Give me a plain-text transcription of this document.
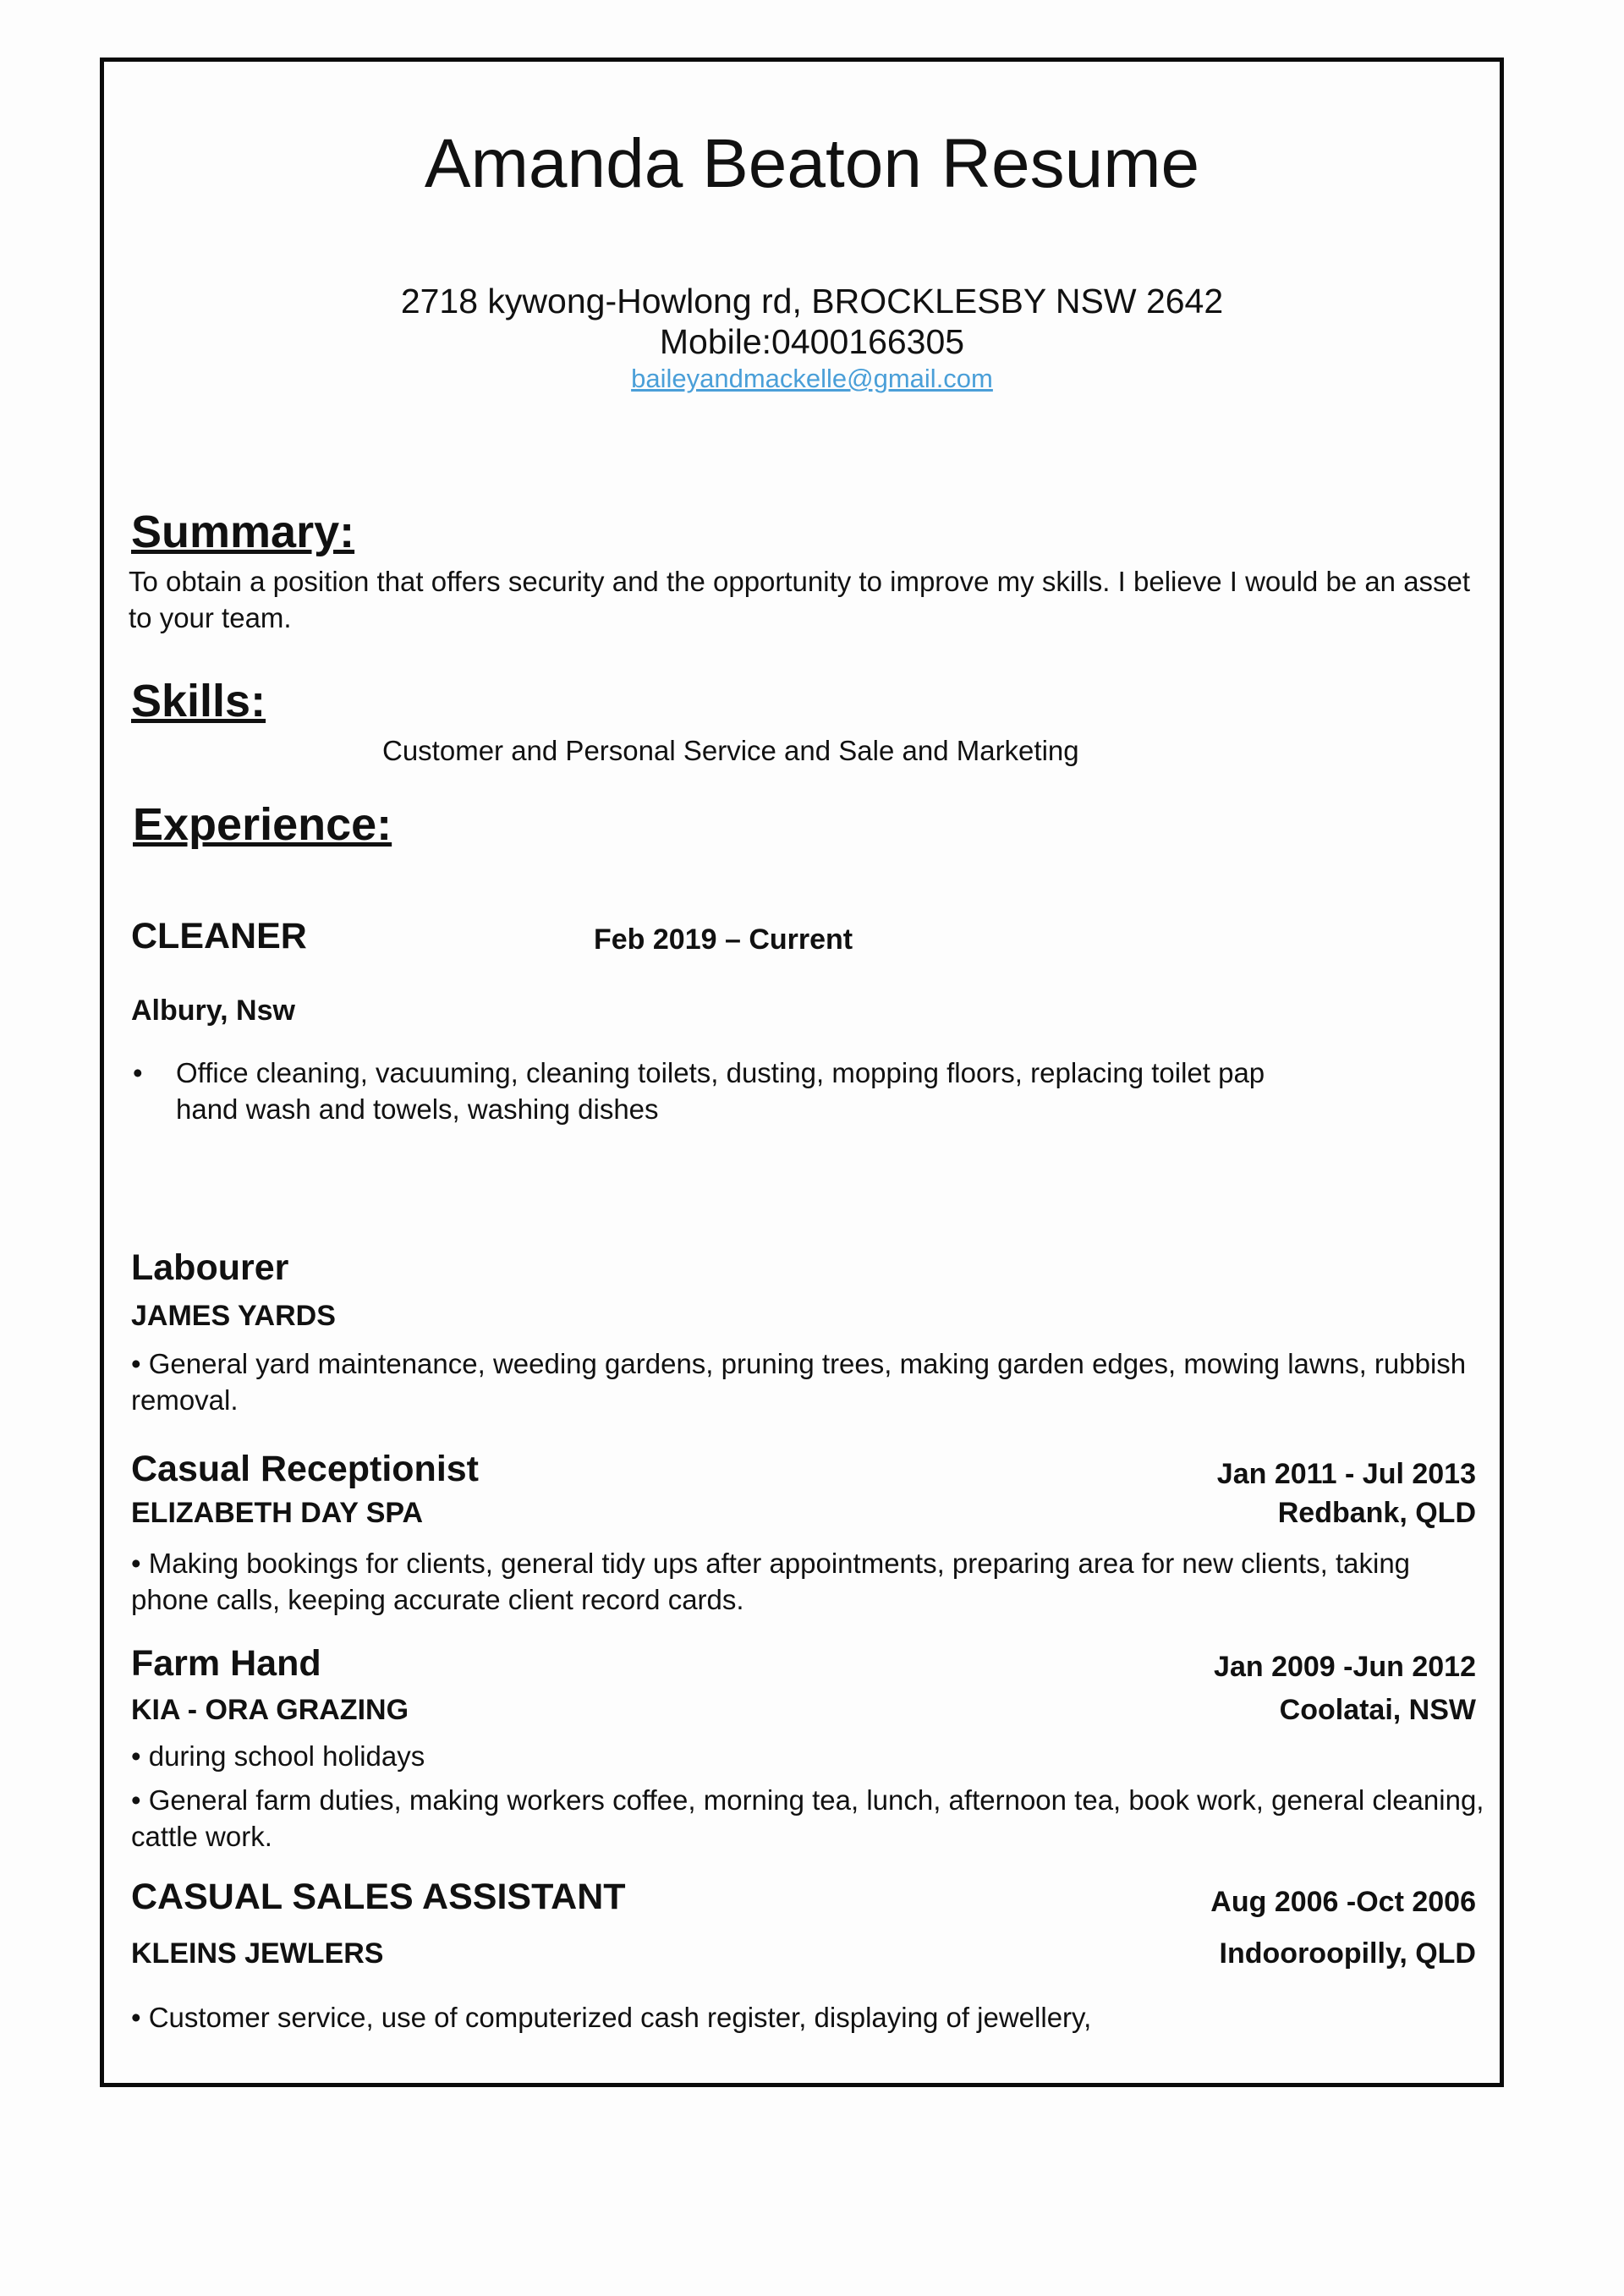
Amanda Beaton Resume
2718 kywong-Howlong rd, BROCKLESBY NSW 2642
Mobile:0400166305
baileyandmackelle@gmail.com
Summary:
To obtain a position that offers security and the opportunity to improve my skills. I believe I would be an asset to your team.
Skills:
Customer and Personal Service and Sale and Marketing
Experience:
CLEANER	Feb 2019 – Current
Albury, Nsw
• Office cleaning, vacuuming, cleaning toilets, dusting, mopping floors, replacing toilet pap
hand wash and towels, washing dishes
Labourer
JAMES YARDS
• General yard maintenance, weeding gardens, pruning trees, making garden edges, mowing lawns, rubbish removal.
Casual Receptionist	Jan 2011 - Jul 2013
ELIZABETH DAY SPA	Redbank, QLD
• Making bookings for clients, general tidy ups after appointments, preparing area for new clients, taking phone calls, keeping accurate client record cards.
Farm Hand	Jan 2009 -Jun 2012
KIA - ORA GRAZING	Coolatai, NSW
• during school holidays
• General farm duties, making workers coffee, morning tea, lunch, afternoon tea, book work, general cleaning, cattle work.
CASUAL SALES ASSISTANT	Aug 2006 -Oct 2006
KLEINS JEWLERS	Indooroopilly, QLD
• Customer service, use of computerized cash register, displaying of jewellery,
